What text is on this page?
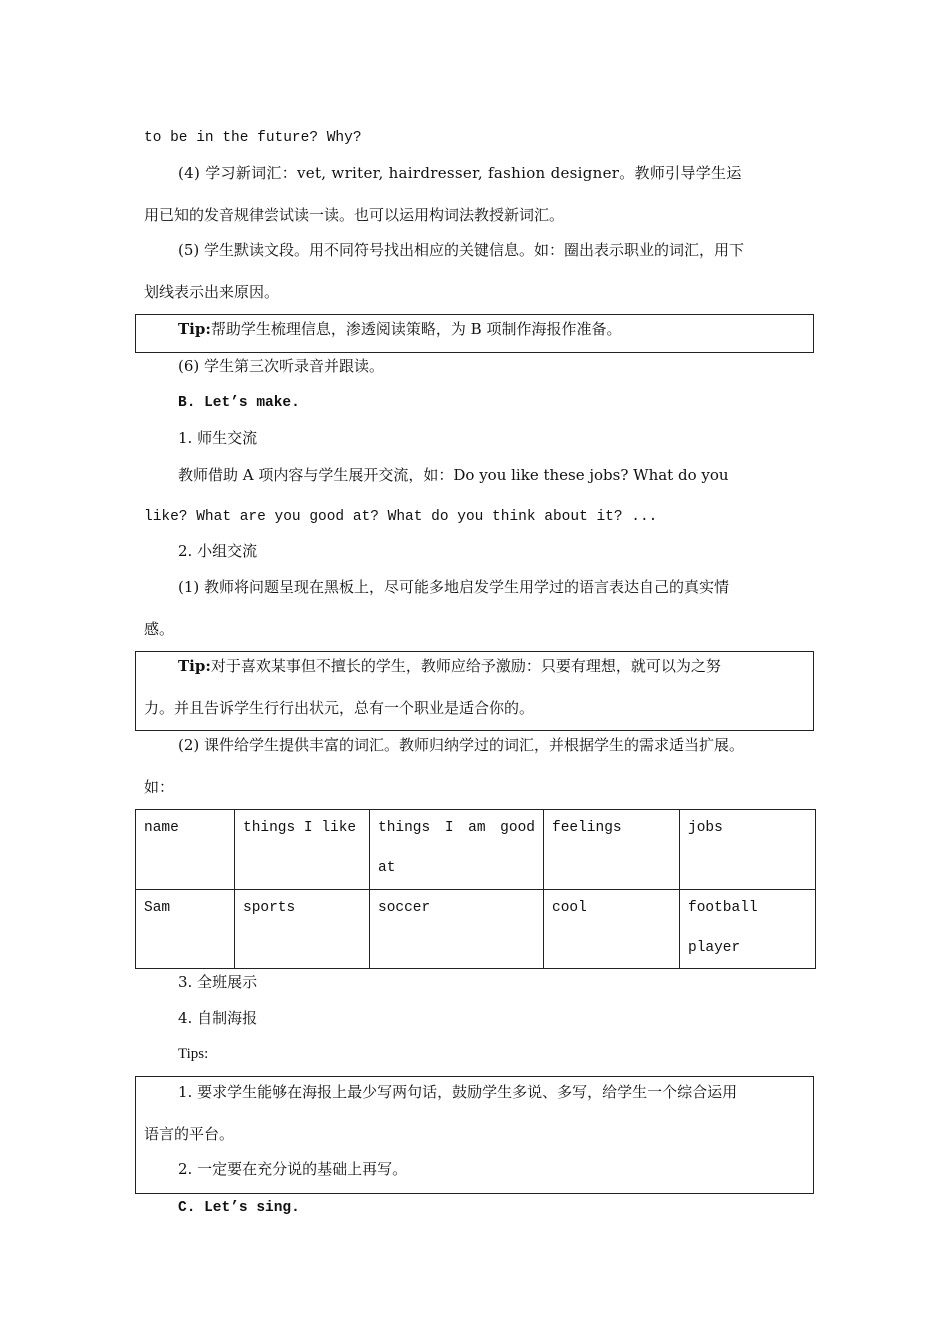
to be in the future? Why?
(4) 学习新词汇：vet, writer, hairdresser, fashion designer。教师引导学生运
用已知的发音规律尝试读一读。也可以运用构词法教授新词汇。
(5) 学生默读文段。用不同符号找出相应的关键信息。如：圈出表示职业的词汇，用下
划线表示出来原因。
Tip:帮助学生梳理信息，渗透阅读策略，为 B 项制作海报作准备。
(6) 学生第三次听录音并跟读。
B. Let’s make.
1. 师生交流
教师借助 A 项内容与学生展开交流，如：Do you like these jobs? What do you
like? What are you good at? What do you think about it? ...
2. 小组交流
(1) 教师将问题呈现在黑板上，尽可能多地启发学生用学过的语言表达自己的真实情
感。
Tip:对于喜欢某事但不擅长的学生，教师应给予激励：只要有理想，就可以为之努
力。并且告诉学生行行出状元，总有一个职业是适合你的。
(2) 课件给学生提供丰富的词汇。教师归纳学过的词汇，并根据学生的需求适当扩展。
如：
name	things I like	things I am good at	feelings	jobs

Sam	sports	soccer	cool	football player
3. 全班展示
4. 自制海报
Tips:
1. 要求学生能够在海报上最少写两句话，鼓励学生多说、多写，给学生一个综合运用
语言的平台。
2. 一定要在充分说的基础上再写。
C. Let’s sing.
